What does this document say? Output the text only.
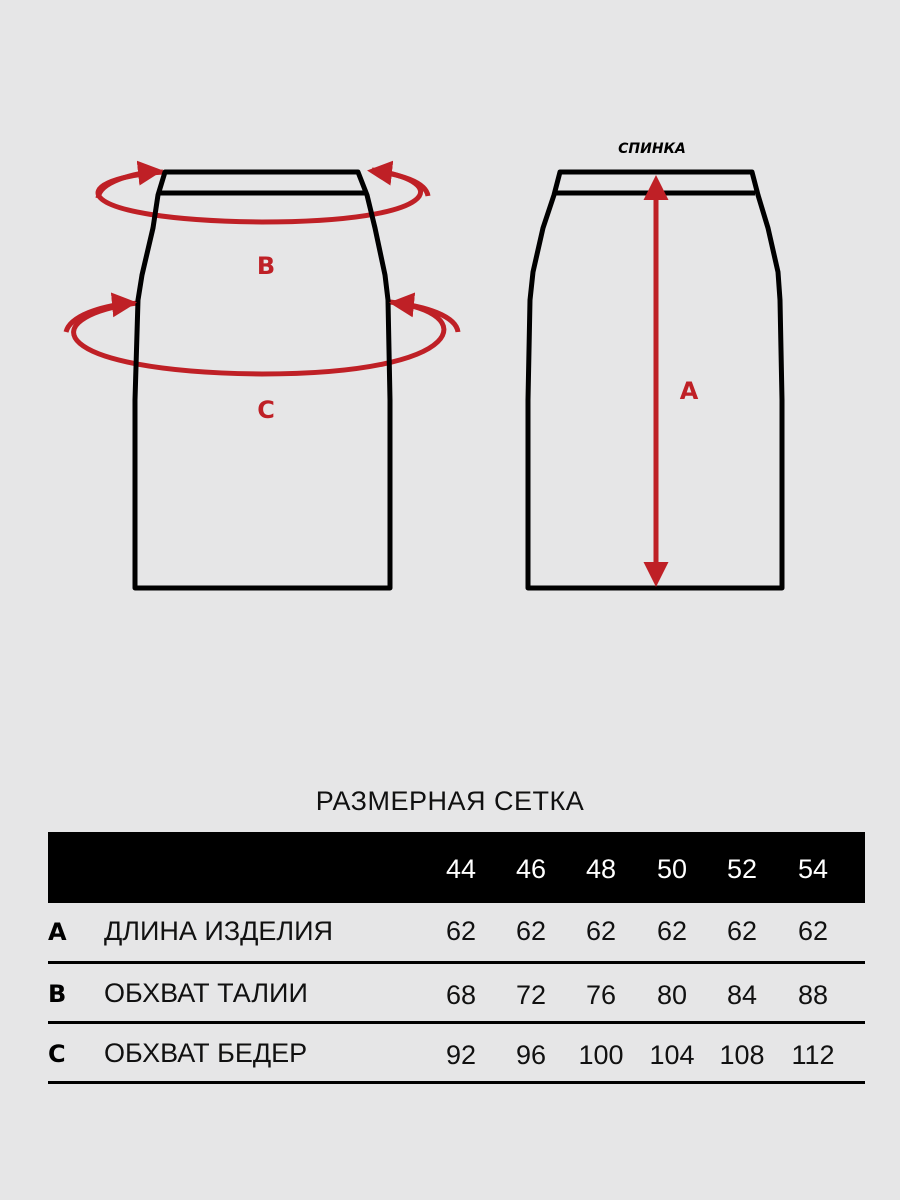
B
C
СПИНКА
A
РАЗМЕРНАЯ СЕТКА
44	46	48	50	52	54
A ДЛИНА ИЗДЕЛИЯ	62	62	62	62	62	62
B ОБХВАТ ТАЛИИ	68	72	76	80	84	88
C ОБХВАТ БЕДЕР	92	96	100 104 108 112
